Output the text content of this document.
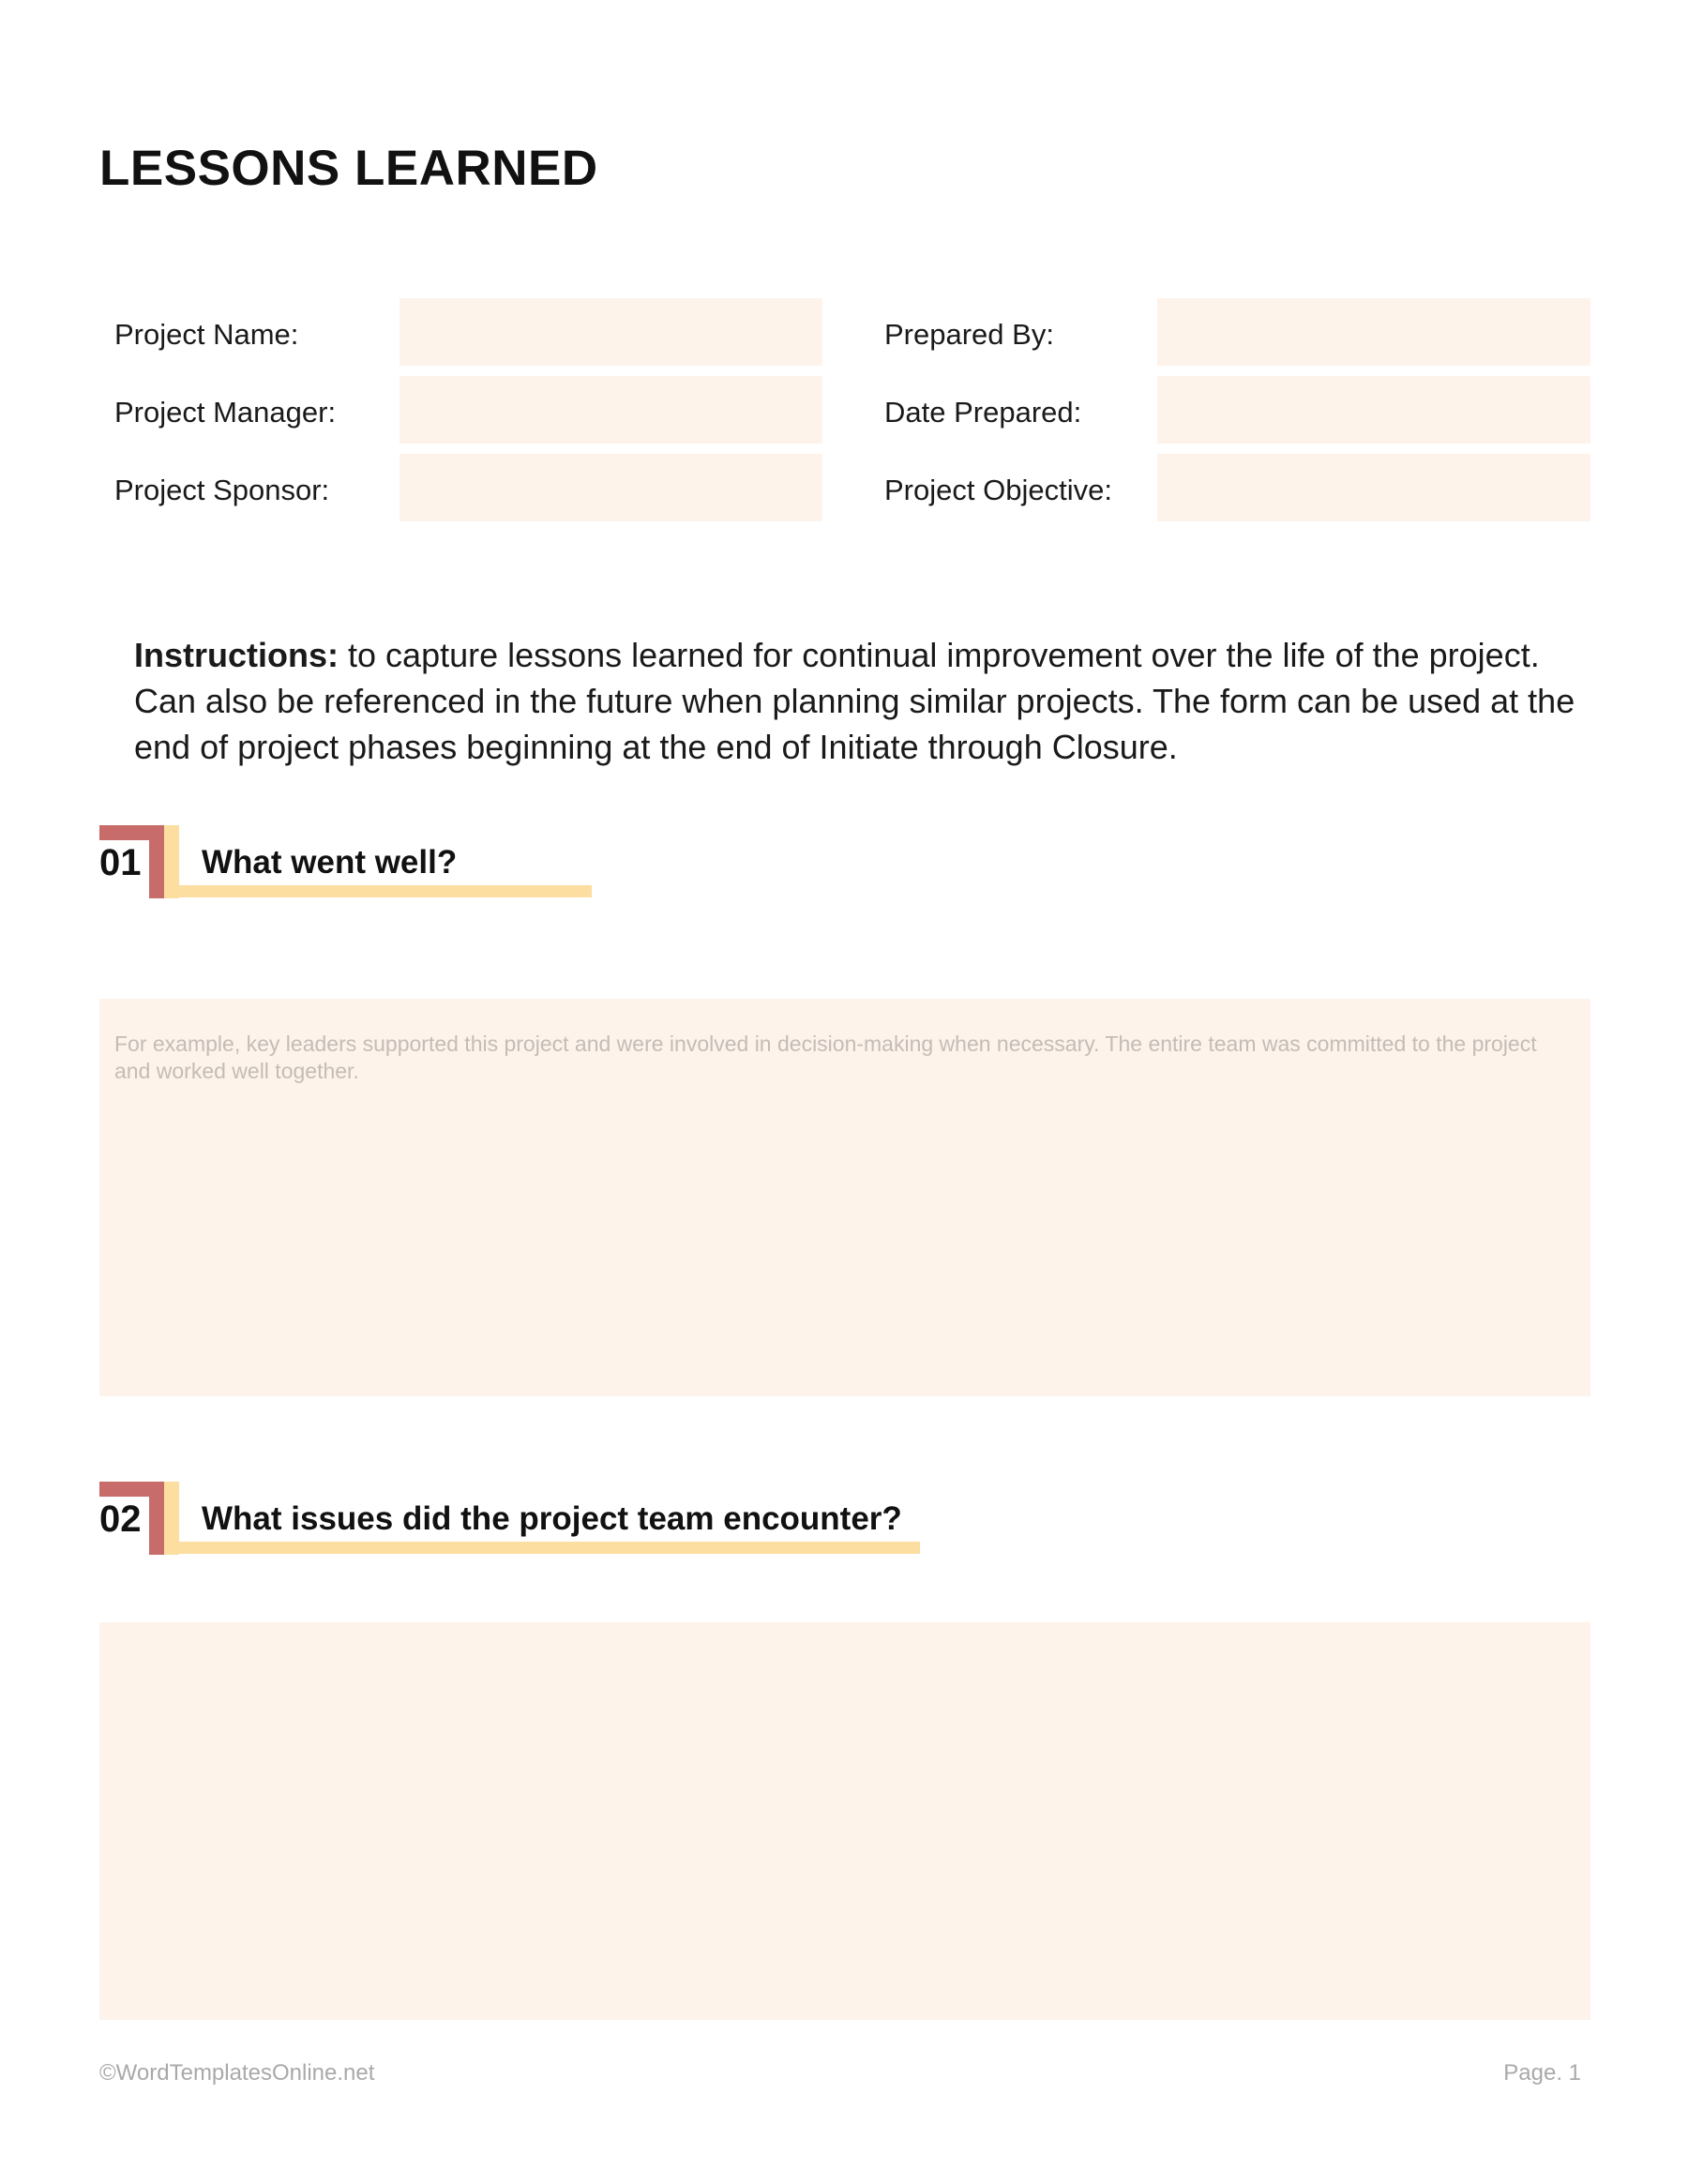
LESSONS LEARNED
Project Name:
Project Manager:
Project Sponsor:
Prepared By:
Date Prepared:
Project Objective:

Instructions: to capture lessons learned for continual improvement over the life of the project. Can also be referenced in the future when planning similar projects. The form can be used at the end of project phases beginning at the end of Initiate through Closure.

01 What went well?
For example, key leaders supported this project and were involved in decision-making when necessary. The entire team was committed to the project and worked well together.
02 What issues did the project team encounter?
©WordTemplatesOnline.net	Page. 1
